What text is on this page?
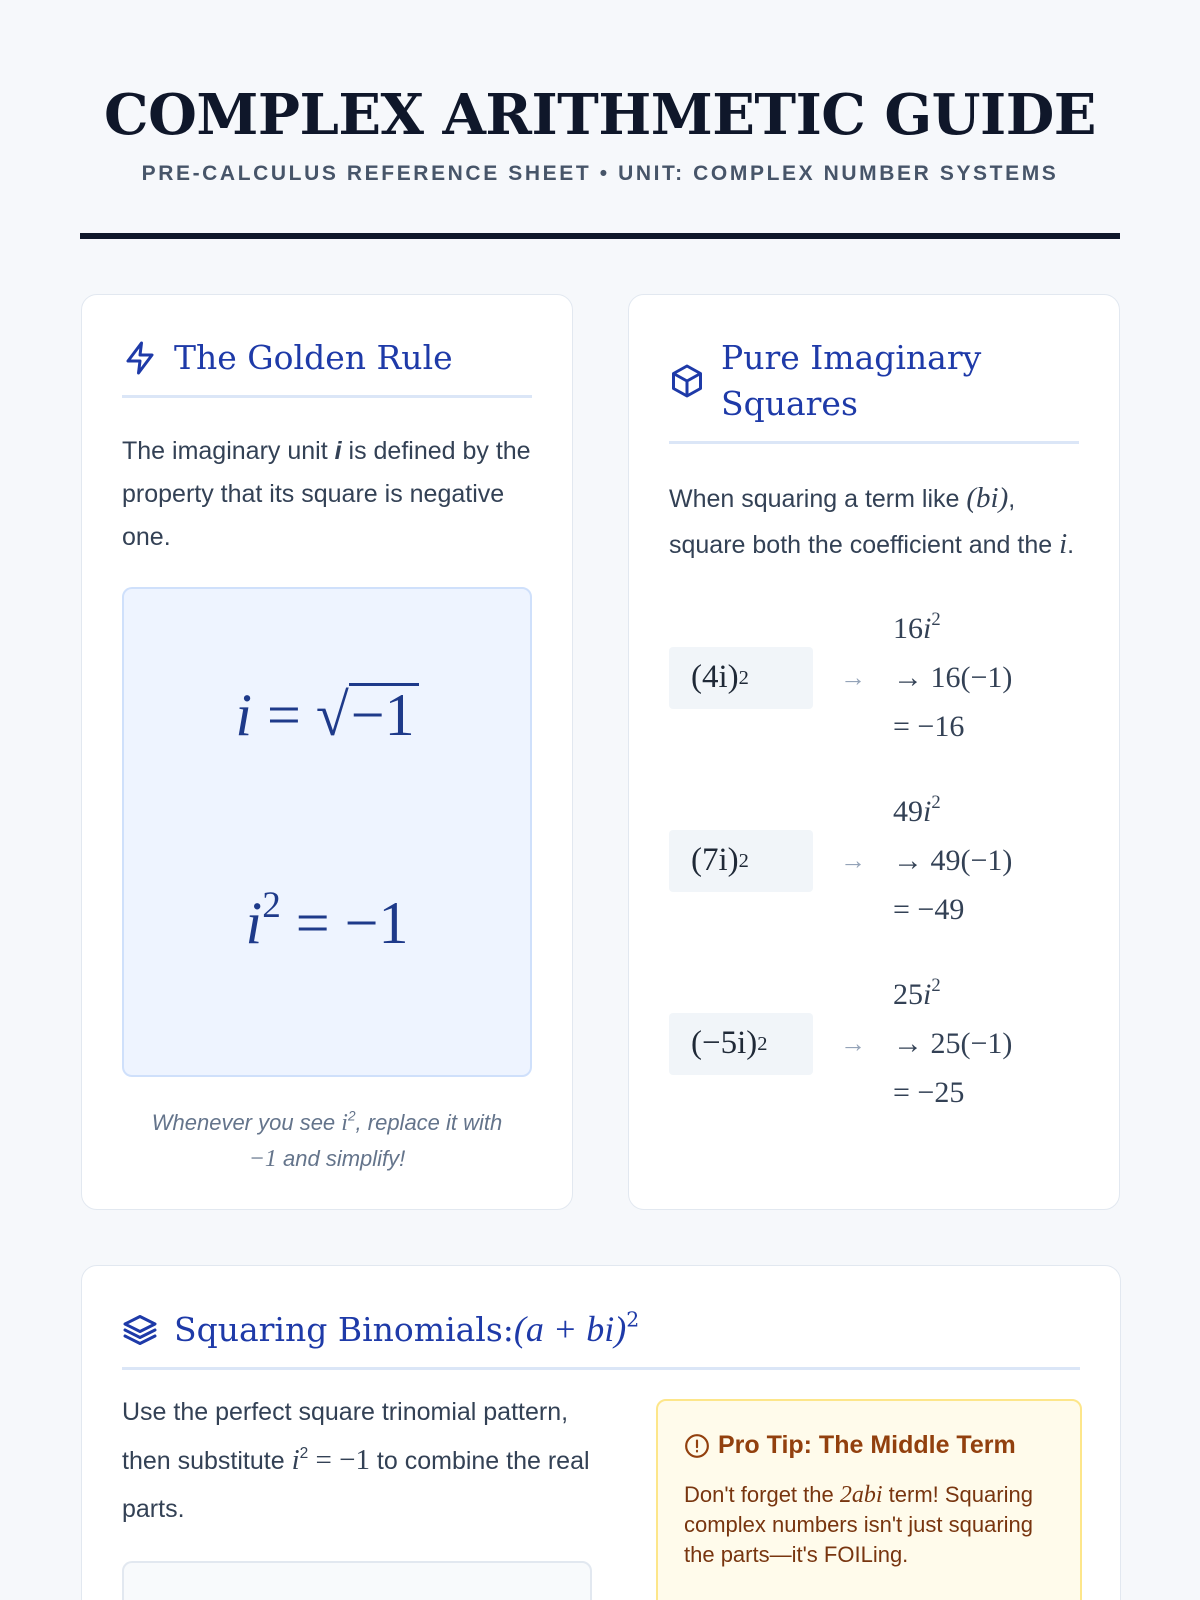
COMPLEX ARITHMETIC GUIDE
PRE-CALCULUS REFERENCE SHEET • UNIT: COMPLEX NUMBER SYSTEMS
The Golden Rule

The imaginary unit i is defined by the property that its square is negative one.

i = √−1
$i^2 = -1$

Whenever you see $i^2$, replace it with
−1 and simplify!

Pure Imaginary Squares

When squaring a term like (bi), square both the coefficient and the i.

(4i) 2	→
$16i^2$
→ 16(−1)
= −16
(7i) 2	→
$49i^2$
→ 49(−1)
= −49
(−5i) 2	→
$25i^2$
→ 25(−1)
= −25
Squaring Binomials:(a + bi)$^2$

Use the perfect square trinomial pattern, then substitute $i^2 = -1$ to combine the real parts.

Pro Tip: The Middle Term

Don't forget the 2abi term! Squaring complex numbers isn't just squaring the parts—it's FOILing.
